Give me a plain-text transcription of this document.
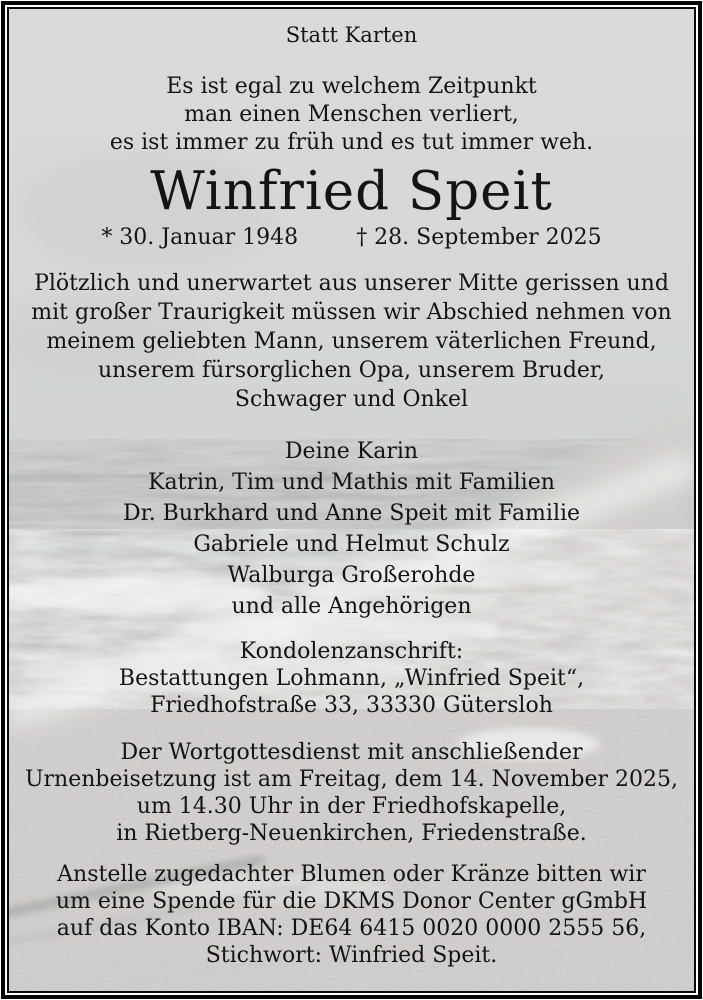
Statt Karten
Es ist egal zu welchem Zeitpunkt
man einen Menschen verliert,
es ist immer zu früh und es tut immer weh.
Winfried Speit
* 30. Januar 1948	† 28. September 2025
Plötzlich und unerwartet aus unserer Mitte gerissen und
mit großer Traurigkeit müssen wir Abschied nehmen von
meinem geliebten Mann, unserem väterlichen Freund,
unserem fürsorglichen Opa, unserem Bruder,
Schwager und Onkel
Deine Karin
Katrin, Tim und Mathis mit Familien
Dr. Burkhard und Anne Speit mit Familie
Gabriele und Helmut Schulz
Walburga Großerohde
und alle Angehörigen
Kondolenzanschrift:
Bestattungen Lohmann, „Winfried Speit“,
Friedhofstraße 33, 33330 Gütersloh
Der Wortgottesdienst mit anschließender
Urnenbeisetzung ist am Freitag, dem 14. November 2025,
um 14.30 Uhr in der Friedhofskapelle,
in Rietberg-Neuenkirchen, Friedenstraße.
Anstelle zugedachter Blumen oder Kränze bitten wir
um eine Spende für die DKMS Donor Center gGmbH
auf das Konto IBAN: DE64 6415 0020 0000 2555 56,
Stichwort: Winfried Speit.
